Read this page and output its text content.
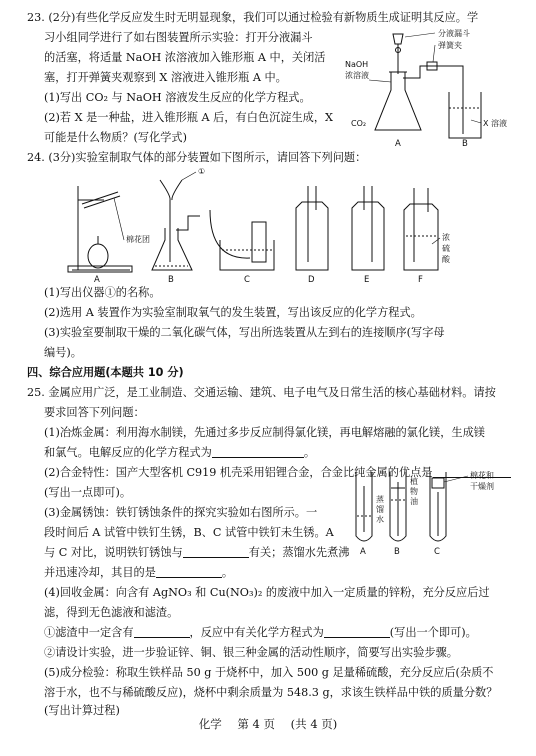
23. (2分)有些化学反应发生时无明显现象，我们可以通过检验有新物质生成证明其反应。学
习小组同学进行了如右图装置所示实验：打开分液漏斗
的活塞，将适量 NaOH 浓溶液加入锥形瓶 A 中，关闭活
塞，打开弹簧夹观察到 X 溶液进入锥形瓶 A 中。
(1)写出 CO₂ 与 NaOH 溶液发生反应的化学方程式。
(2)若 X 是一种盐，进入锥形瓶 A 后，有白色沉淀生成，X
可能是什么物质？(写化学式)
NaOH
浓溶液
分液漏斗
弹簧夹
CO₂	X 溶液
A	B
24. (3分)实验室制取气体的部分装置如下图所示，请回答下列问题：
①
棉花团	浓
硫
酸
A	B	C	D	E	F
(1)写出仪器①的名称。
(2)选用 A 装置作为实验室制取氧气的发生装置，写出该反应的化学方程式。
(3)实验室要制取干燥的二氧化碳气体，写出所选装置从左到右的连接顺序(写字母
编号)。
四、综合应用题(本题共 10 分)
25. 金属应用广泛，是工业制造、交通运输、建筑、电子电气及日常生活的核心基础材料。请按
要求回答下列问题：
(1)冶炼金属：利用海水制镁，先通过多步反应制得氯化镁，再电解熔融的氯化镁，生成镁
和氯气。电解反应的化学方程式为	。
(2)合金特性：国产大型客机 C919 机壳采用铝锂合金，合金比纯金属的优点是
(写出一点即可)。
(3)金属锈蚀：铁钉锈蚀条件的探究实验如右图所示。一
段时间后 A 试管中铁钉生锈，B、C 试管中铁钉未生锈。A
与 C 对比，说明铁钉锈蚀与	有关；蒸馏水先煮沸
并迅速冷却，其目的是	。
蒸
馏
水
植
物
油
棉花和
干燥剂
A	B	C
(4)回收金属：向含有 AgNO₃ 和 Cu(NO₃)₂ 的废液中加入一定质量的锌粉，充分反应后过
滤，得到无色滤液和滤渣。
①滤渣中一定含有	，反应中有关化学方程式为	(写出一个即可)。
②请设计实验，进一步验证锌、铜、银三种金属的活动性顺序，简要写出实验步骤。
(5)成分检验：称取生铁样品 50 g 于烧杯中，加入 500 g 足量稀硫酸，充分反应后(杂质不
溶于水，也不与稀硫酸反应)，烧杯中剩余质量为 548.3 g，求该生铁样品中铁的质量分数？
(写出计算过程)
化学 第 4 页 (共 4 页)
